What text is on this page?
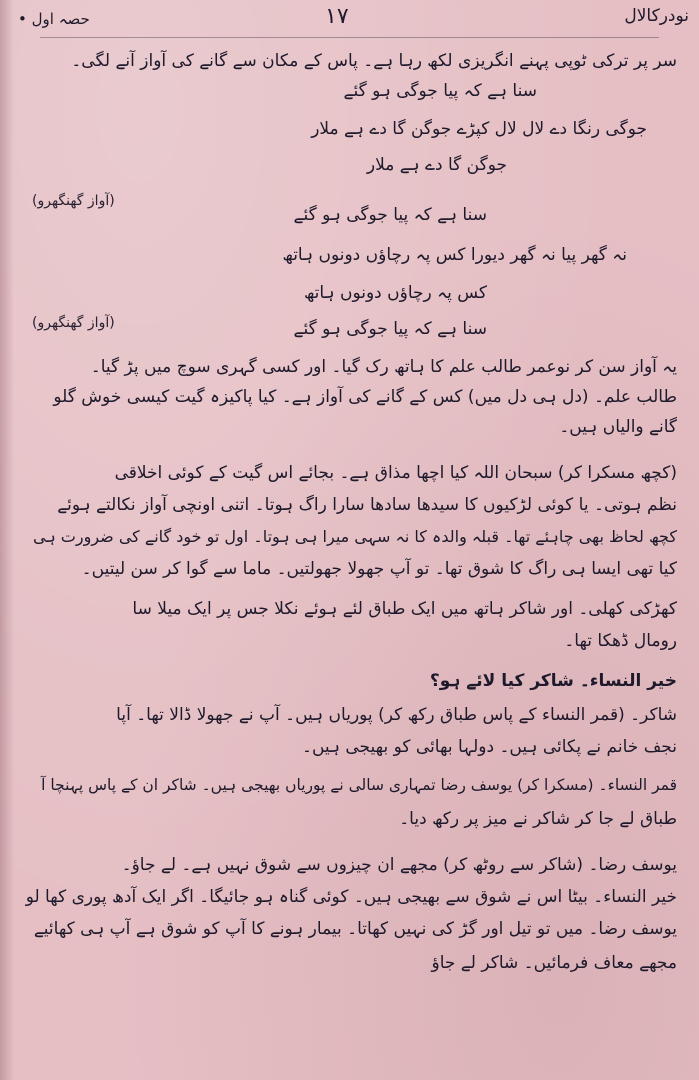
• حصہ اول	١٧	نودرکالال
سر پر ترکی ٹوپی پہنے انگریزی لکھ رہا ہے۔ پاس کے مکان سے گانے کی آواز آنے لگی۔
سنا ہے کہ پیا جوگی ہو گئے
جوگی رنگا دے لال لال کپڑے جوگن گا دے ہے ملار
جوگن گا دے ہے ملار
(آواز گھنگھرو)
سنا ہے کہ پیا جوگی ہو گئے
نہ گھر پیا نہ گھر دیورا کس پہ رچاؤں دونوں ہاتھ
کس پہ رچاؤں دونوں ہاتھ
(آواز گھنگھرو)	سنا ہے کہ پیا جوگی ہو گئے
یہ آواز سن کر نوعمر طالب علم کا ہاتھ رک گیا۔ اور کسی گہری سوچ میں پڑ گیا۔
طالب علم۔ (دل ہی دل میں) کس کے گانے کی آواز ہے۔ کیا پاکیزہ گیت کیسی خوش گلو
گانے والیاں ہیں۔
(کچھ مسکرا کر) سبحان اللہ کیا اچھا مذاق ہے۔ بجائے اس گیت کے کوئی اخلاقی
نظم ہوتی۔ یا کوئی لڑکیوں کا سیدھا سادھا سارا راگ ہوتا۔ اتنی اونچی آواز نکالتے ہوئے
کچھ لحاظ بھی چاہئے تھا۔ قبلہ والدہ کا نہ سہی میرا ہی ہوتا۔ اول تو خود گانے کی ضرورت ہی
کیا تھی ایسا ہی راگ کا شوق تھا۔ تو آپ جھولا جھولتیں۔ ماما سے گوا کر سن لیتیں۔
کھڑکی کھلی۔ اور شاکر ہاتھ میں ایک طباق لئے ہوئے نکلا جس پر ایک میلا سا
رومال ڈھکا تھا۔
خیر النساء۔ شاکر کیا لائے ہو؟
شاکر۔ (قمر النساء کے پاس طباق رکھ کر) پوریاں ہیں۔ آپ نے جھولا ڈالا تھا۔ آپا
نجف خانم نے پکائی ہیں۔ دولہا بھائی کو بھیجی ہیں۔
قمر النساء۔ (مسکرا کر) یوسف رضا تمہاری سالی نے پوریاں بھیجی ہیں۔ شاکر ان کے پاس پہنچا آ
طباق لے جا کر شاکر نے میز پر رکھ دیا۔
یوسف رضا۔ (شاکر سے روٹھ کر) مجھے ان چیزوں سے شوق نہیں ہے۔ لے جاؤ۔
خیر النساء۔ بیٹا اس نے شوق سے بھیجی ہیں۔ کوئی گناہ ہو جائیگا۔ اگر ایک آدھ پوری کھا لو
یوسف رضا۔ میں تو تیل اور گڑ کی نہیں کھاتا۔ بیمار ہونے کا آپ کو شوق ہے آپ ہی کھائیے
مجھے معاف فرمائیں۔ شاکر لے جاؤ
